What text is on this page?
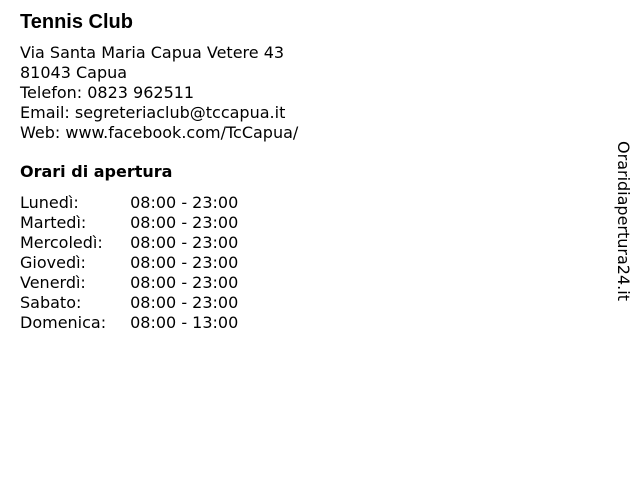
Tennis Club
Via Santa Maria Capua Vetere 43
81043 Capua
Telefon: 0823 962511
Email: segreteriaclub@tccapua.it
Web: www.facebook.com/TcCapua/
Orari di apertura
Lunedì:	08:00 - 23:00
Martedì:	08:00 - 23:00
Mercoledì:	08:00 - 23:00
Giovedì:	08:00 - 23:00
Venerdì:	08:00 - 23:00
Sabato:	08:00 - 23:00
Domenica:	08:00 - 13:00
Oraridiapertura24.it
